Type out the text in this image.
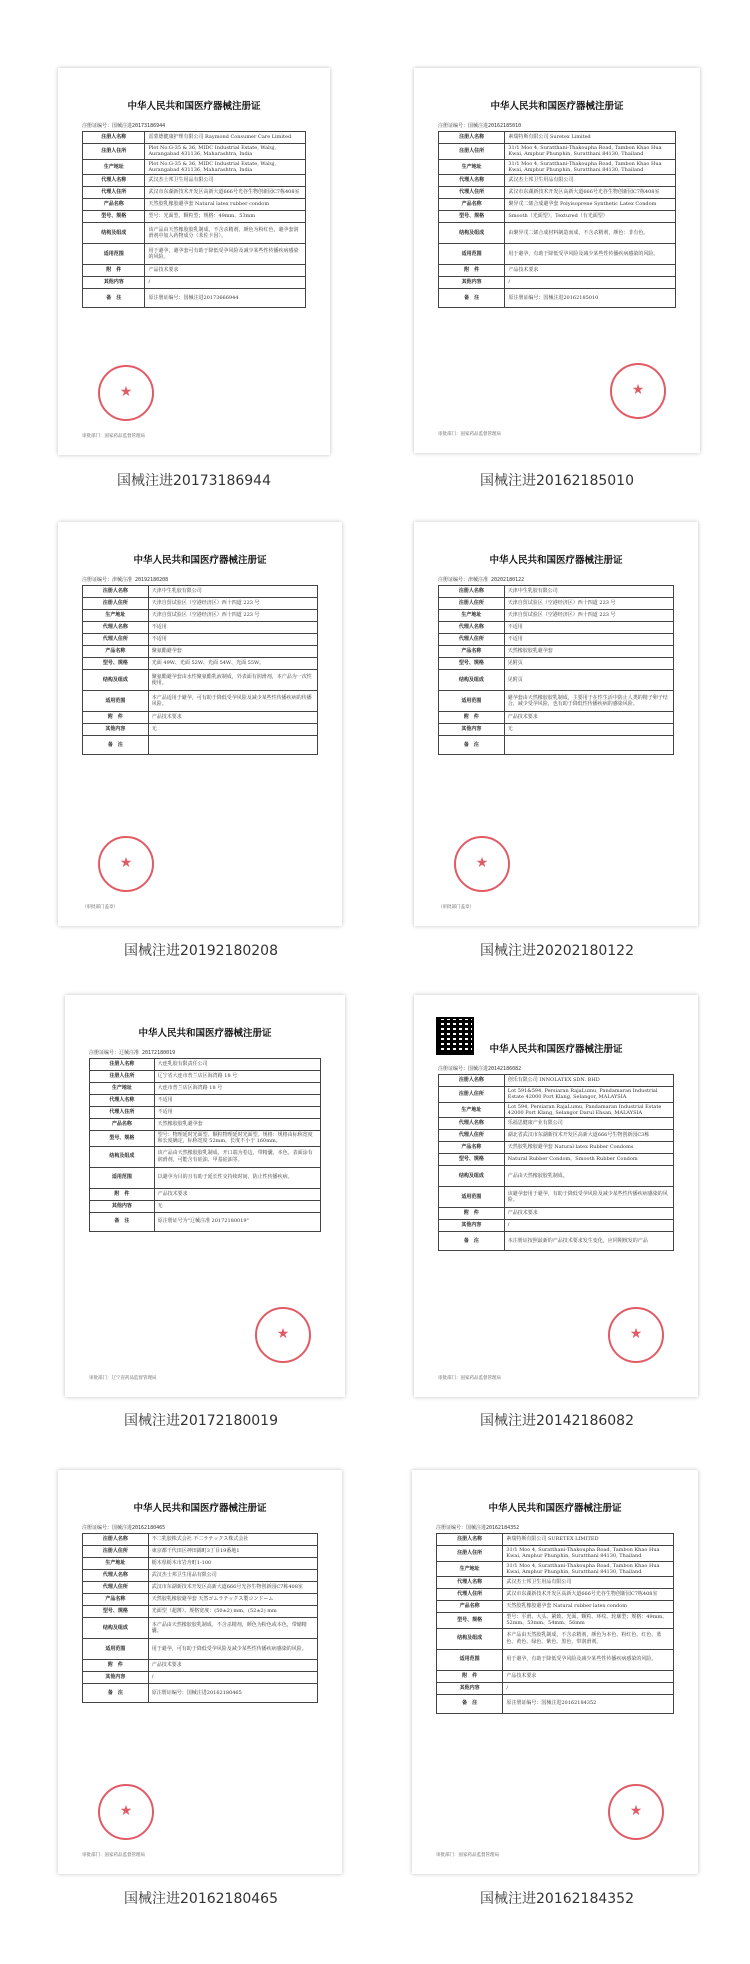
中华人民共和国医疗器械注册证
注册证编号：国械注进20173186944
注册人名称	雷蒙德健康护理有限公司 Raymond Consumer Care Limited
注册人住所	Plot No.G-35 & 36, MIDC Industrial Estate, Waluj, Aurangabad 431136, Maharashtra, India
生产地址	Plot No.G-35 & 36, MIDC Industrial Estate, Waluj, Aurangabad 431136, Maharashtra, India
代理人名称	武汉杰士邦卫生用品有限公司
代理人住所	武汉市东湖新技术开发区高新大道666号光谷生物创新园C7栋408室
产品名称	天然胶乳橡胶避孕套 Natural latex rubber condom
型号、规格	型号：光面型、颗粒型；规格：49mm、53mm
结构及组成	该产品由天然橡胶胶乳制成，不含杀精剂，颜色为粉红色，避孕套润滑剂中加入药物成分（苯佐卡因）。
适用范围	用于避孕，避孕套可有助于降低受孕风险及减少某些性传播疾病感染的风险。
附　件	产品技术要求
其他内容	/
备　注	原注册证编号：国械注进20173666944
★
审批部门：国家药品监督管理局
国械注进20173186944
中华人民共和国医疗器械注册证
注册证编号：国械注进20162185010
注册人名称	素瑞特斯有限公司 Suretex Limited
注册人住所	31/1 Moo 4, Suratthani-Thakoupha Road, Tambon Khao Hua Kwai, Amphur Phunphin, Suratthani 84130, Thailand
生产地址	31/1 Moo 4, Suratthani-Thakoupha Road, Tambon Khao Hua Kwai, Amphur Phunphin, Suratthani 84130, Thailand
代理人名称	武汉杰士邦卫生用品有限公司
代理人住所	武汉市东湖新技术开发区高新大道666号光谷生物创新园C7栋408室
产品名称	聚异戊二烯合成避孕套 Polyisoprene Synthetic Latex Condom
型号、规格	Smooth（光面型），Textured（有光面型）
结构及组成	由聚异戊二烯合成材料制造而成，不含杀精剂，颜色：非有色。
适用范围	用于避孕，有助于降低受孕风险及减少某些性传播疾病感染的风险。
附　件	产品技术要求
其他内容	/
备　注	原注册证编号：国械注进20162185010
★
审批部门：国家药品监督管理局
国械注进20162185010
中华人民共和国医疗器械注册证
注册证编号：津械注准 20192180208
注册人名称	天津中生乳胶有限公司
注册人住所	天津自贸试验区（空港经济区）西十四道 223 号
生产地址	天津自贸试验区（空港经济区）西十四道 223 号
代理人名称	不适用
代理人住所	不适用
产品名称	聚氨酯避孕套
型号、规格	光面 49W、光面 52W、光面 54W、光面 55W。
结构及组成	聚氨酯避孕套由水性聚氨酯乳液制成，外表面有润滑剂，本产品为一次性使用。
适用范围	本产品适用于避孕，可有助于降低受孕风险及减少某些性传播疾病的传播风险。
附　件	产品技术要求
其他内容	无
备　注	
★
（审批部门盖章）
国械注进20192180208
中华人民共和国医疗器械注册证
注册证编号：津械注准 20202180122
注册人名称	天津中生乳胶有限公司
注册人住所	天津自贸试验区（空港经济区）西十四道 223 号
生产地址	天津自贸试验区（空港经济区）西十四道 223 号
代理人名称	不适用
代理人住所	不适用
产品名称	天然橡胶胶乳避孕套
型号、规格	见附页
结构及组成	见附页
适用范围	避孕套由天然橡胶胶乳制成，主要用于在性生活中防止人类的精子卵子结合，减少受孕风险，也有助于降低性传播疾病的感染风险。
附　件	产品技术要求
其他内容	无
备　注	
★
（审批部门盖章）
国械注进20202180122
中华人民共和国医疗器械注册证
注册证编号：辽械注准 20172180019
注册人名称	大连乳胶有限责任公司
注册人住所	辽宁省大连市普兰店区海湾路 18 号
生产地址	大连市普兰店区海湾路 18 号
代理人名称	不适用
代理人住所	不适用
产品名称	天然橡胶胶乳避孕套
型号、规格	型号：物理延时光面型、颗粒物理延时光面型。规格：规格由标称宽度和长度确定，标称宽度 52mm，长度不小于 160mm。
结构及组成	该产品由天然橡胶胶乳制成，开口端为卷边，带精囊，本色，表面涂有润滑剂，可能含有硅油、甲基硅油等。
适用范围	以避孕为目的且有助于延长性交持续时间，防止性传播疾病。
附　件	产品技术要求
其他内容	无
备　注	原注册证号为"辽械注准 20172180019"
★
审批部门：辽宁省药品监督管理局
国械注进20172180019
中华人民共和国医疗器械注册证
注册证编号：国械注进20142186082
注册人名称	创乐有限公司 INNOLATEX SDN. BHD
注册人住所	Lot 591&594, Persiaran RajaLumu, Pandamaran Industrial Estate 42000 Port Klang, Selangor, MALAYSIA
生产地址	Lot 594, Persiaran RajaLumu, Pandamaran Industrial Estate 42000 Port Klang, Selangor Darul Ehsan, MALAYSIA
代理人名称	乐福思健康产业有限公司
代理人住所	湖北省武汉市东湖新技术开发区高新大道666号生物创新园C3栋
产品名称	天然胶乳橡胶避孕套 Natural latex Rubber Condoms
型号、规格	Natural Rubber Condom，Smooth Rubber Condom
结构及组成	产品由天然橡胶胶乳制成。
适用范围	该避孕套用于避孕，有助于降低受孕风险及减少某些性传播疾病感染的风险。
附　件	产品技术要求
其他内容	/
备　注	本注册证按照最新的产品技术要求发生变化，应同期核发的产品
★
审批部门：国家药品监督管理局
国械注进20142186082
中华人民共和国医疗器械注册证
注册证编号：国械注进20162180465
注册人名称	不二乳胶株式会社 不二ラテックス株式会社
注册人住所	東京都千代田区神田錦町3丁目19番地1
生产地址	栃木県栃木市岩舟町1-100
代理人名称	武汉杰士邦卫生用品有限公司
代理人住所	武汉市东湖新技术开发区高新大道666号光谷生物创新园C7栋408室
产品名称	天然胶乳橡胶避孕套 天然ゴムラテックス製コンドーム
型号、规格	光面型（超薄）、规格宽度：(50±2) mm，(52±2) mm
结构及组成	本产品由天然橡胶胶乳制成，不含杀精剂，颜色为粉色或本色，带储精囊。
适用范围	用于避孕，可有助于降低受孕风险及减少某些性传播疾病感染的风险。
附　件	产品技术要求
其他内容	/
备　注	原注册证编号：国械注进20162180465
★
审批部门：国家药品监督管理局
国械注进20162180465
中华人民共和国医疗器械注册证
注册证编号：国械注进20162184352
注册人名称	素瑞特斯有限公司 SURETEX LIMITED
注册人住所	31/1 Moo 4, Suratthani-Thakoupha Road, Tambon Khao Hua Kwai, Amphur Phunphin, Suratthani 84130, Thailand
生产地址	31/1 Moo 4, Suratthani-Thakoupha Road, Tambon Khao Hua Kwai, Amphur Phunphin, Suratthani 84130, Thailand
代理人名称	武汉杰士邦卫生用品有限公司
代理人住所	武汉市东湖新技术开发区高新大道666号光谷生物创新园C7栋408室
产品名称	天然胶乳橡胶避孕套 Natural rubber latex condom
型号、规格	型号：平滑、大头、紧致、光面、颗粒、环纹、轮廓型；规格：49mm、52mm、53mm、54mm、56mm
结构及组成	本产品由天然胶乳制成，不含杀精剂，颜色为本色、粉红色、红色、蓝色、黄色、绿色、紫色、黑色，带润滑剂。
适用范围	用于避孕，有助于降低受孕风险及减少某些性传播疾病感染的风险。
附　件	产品技术要求
其他内容	/
备　注	原注册证编号：国械注进20162184352
★
审批部门：国家药品监督管理局
国械注进20162184352
